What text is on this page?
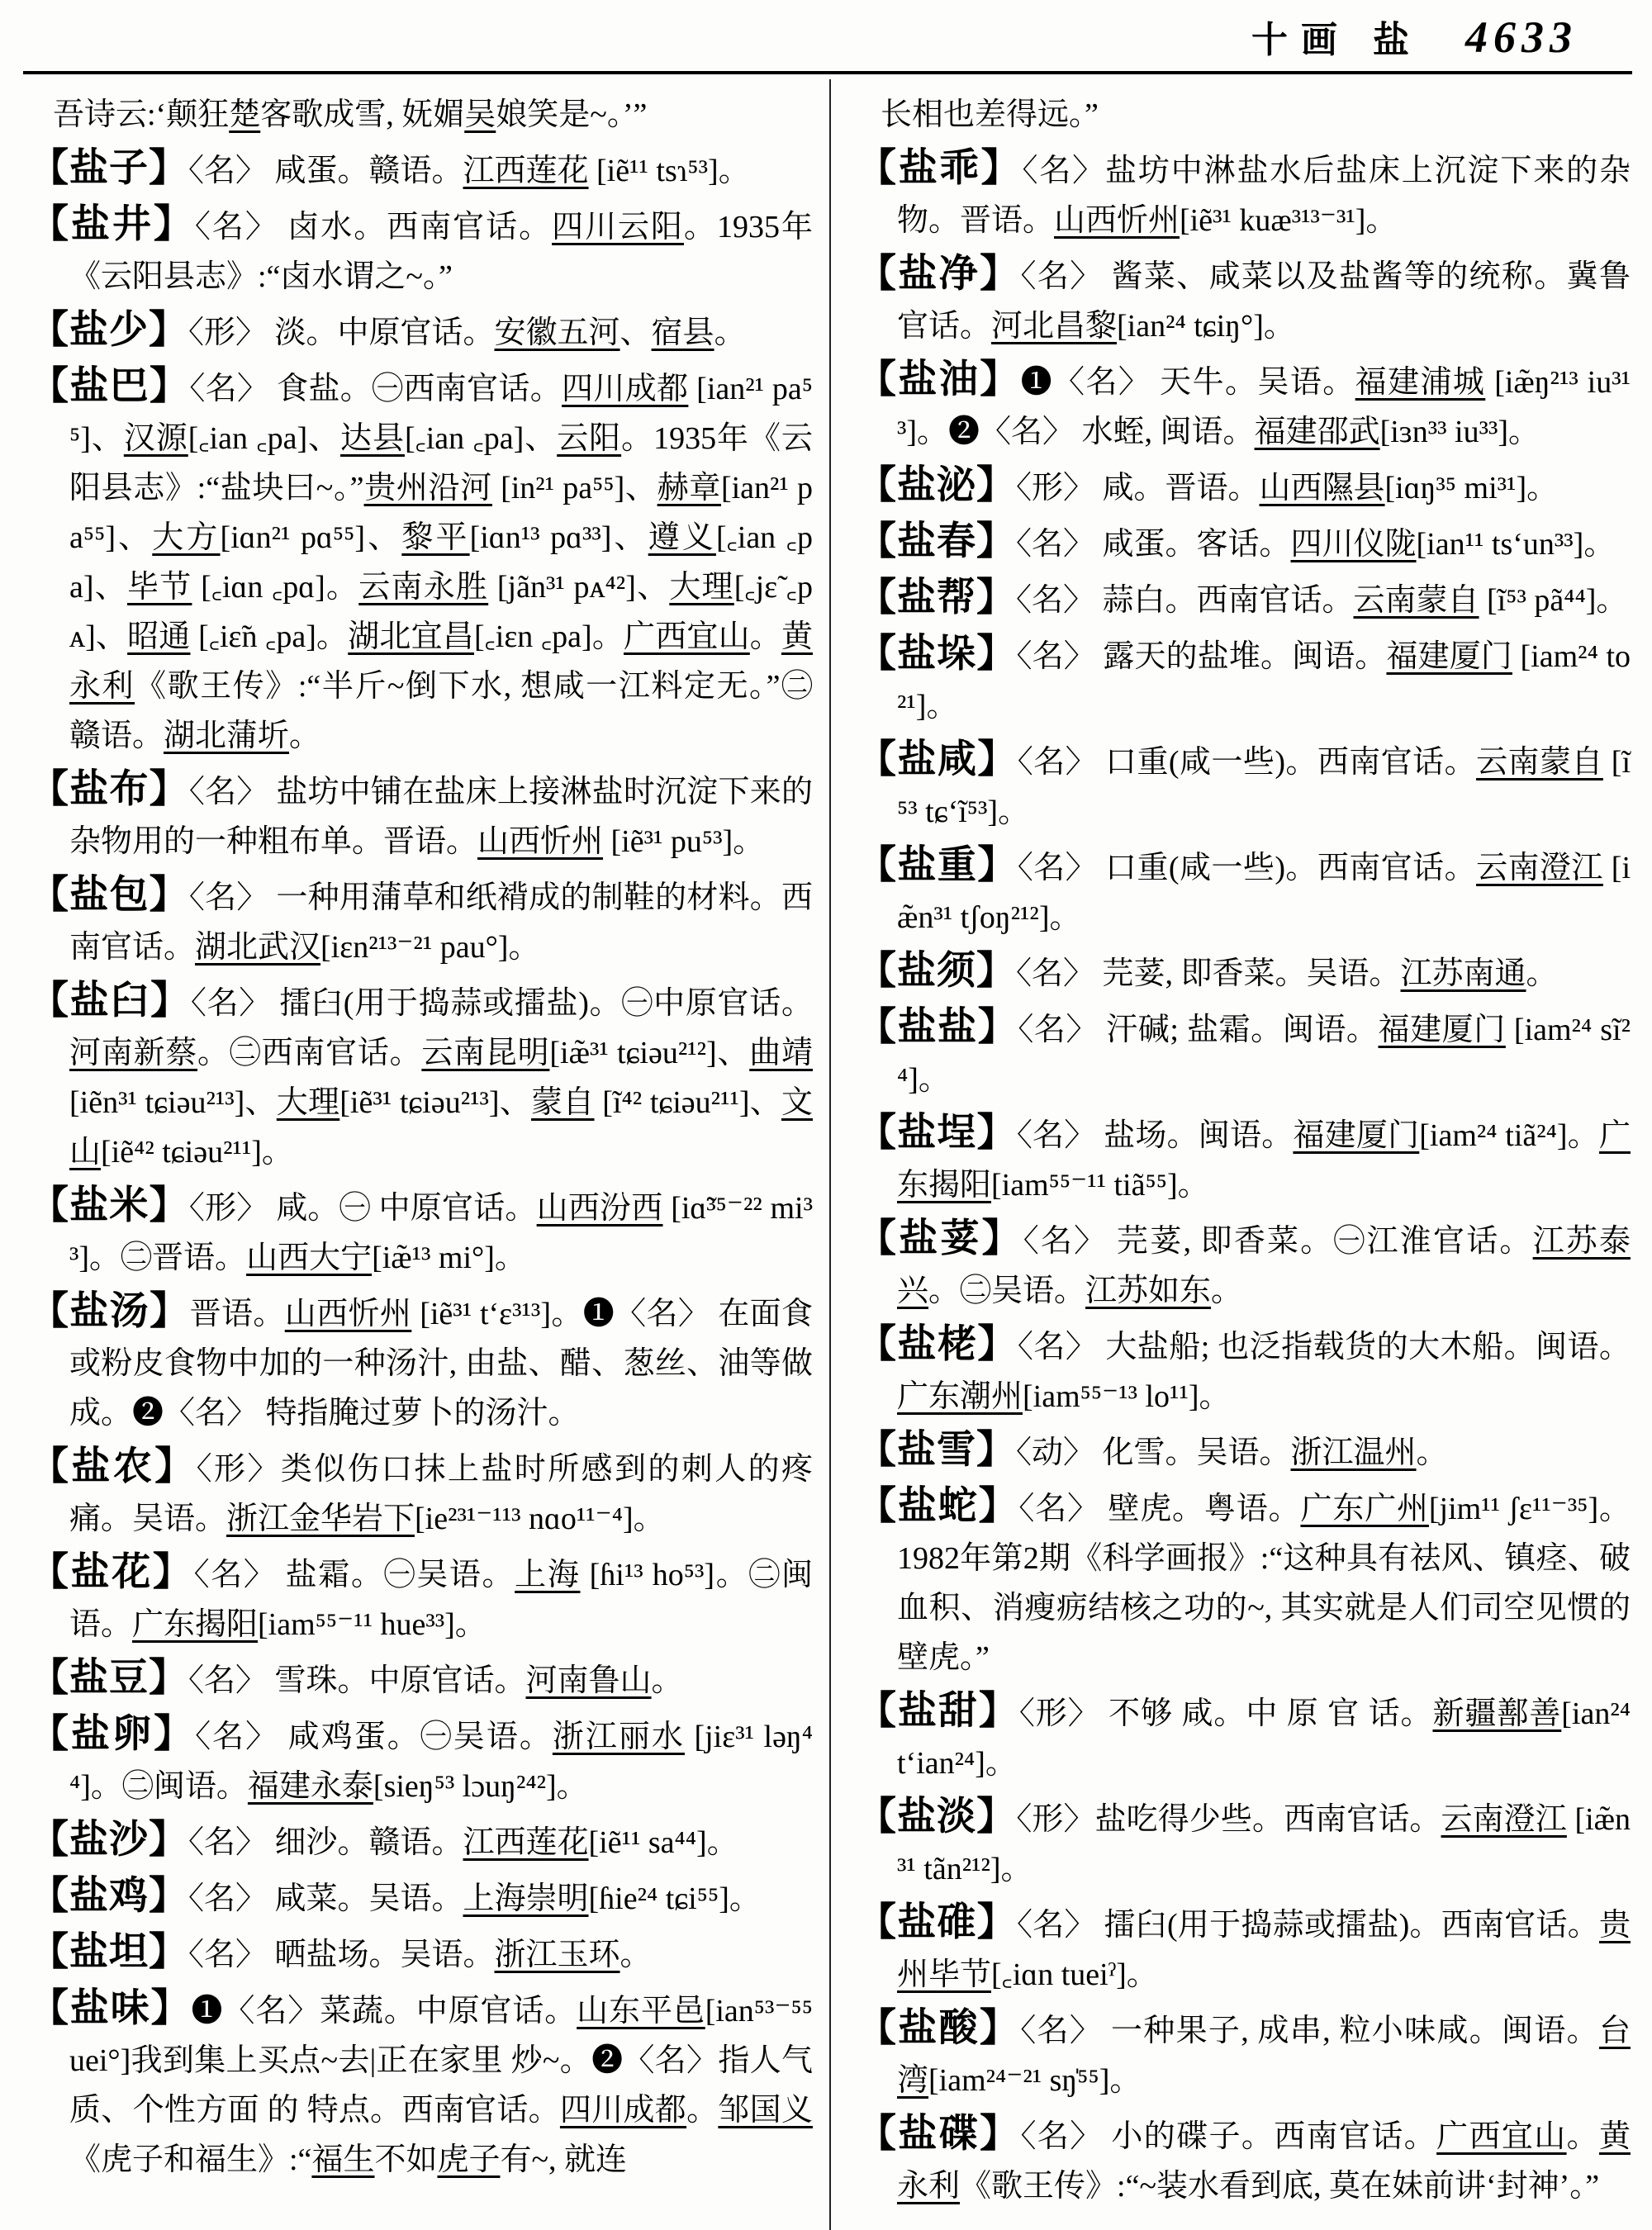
十画 盐 4633
吾诗云:‘颠狂楚客歌成雪, 妩媚吴娘笑是~。’”
【盐子】〈名〉 咸蛋。赣语。江西莲花 [iẽ¹¹ tsɿ⁵³]。
【盐井】〈名〉 卤水。西南官话。四川云阳。1935年《云阳县志》:“卤水谓之~。”
【盐少】〈形〉 淡。中原官话。安徽五河、宿县。
【盐巴】〈名〉 食盐。㊀西南官话。四川成都 [ian²¹ pa⁵⁵]、汉源[꜀ian ꜀pa]、达县[꜀ian ꜀pa]、云阳。1935年《云阳县志》:“盐块曰~。”贵州沿河 [in²¹ pa⁵⁵]、赫章[ian²¹ pa⁵⁵]、大方[iɑn²¹ pɑ⁵⁵]、黎平[iɑn¹³ pɑ³³]、遵义[꜀ian ꜀pa]、毕节 [꜀iɑn ꜀pɑ]。云南永胜 [jãn³¹ pᴀ⁴²]、大理[꜀jɛ̃ ꜀pᴀ]、昭通 [꜀iɛ̃n ꜀pa]。湖北宜昌[꜀iɛn ꜀pa]。广西宜山。黄永利《歌王传》:“半斤~倒下水, 想咸一江料定无。”㊁赣语。湖北蒲圻。
【盐布】〈名〉 盐坊中铺在盐床上接淋盐时沉淀下来的杂物用的一种粗布单。晋语。山西忻州 [iẽ³¹ pu⁵³]。
【盐包】〈名〉 一种用蒲草和纸褙成的制鞋的材料。西南官话。湖北武汉[iɛn²¹³⁻²¹ pau°]。
【盐臼】〈名〉 擂臼(用于捣蒜或擂盐)。㊀中原官话。河南新蔡。㊁西南官话。云南昆明[iæ̃³¹ tɕiəu²¹²]、曲靖 [iẽn³¹ tɕiəu²¹³]、大理[iẽ³¹ tɕiəu²¹³]、蒙自 [ĩ⁴² tɕiəu²¹¹]、文山[iẽ⁴² tɕiəu²¹¹]。
【盐米】〈形〉 咸。㊀ 中原官话。山西汾西 [iɑ̃³⁵⁻²² mi³³]。㊁晋语。山西大宁[iæ̃¹³ mi°]。
【盐汤】晋语。山西忻州 [iẽ³¹ t‘ɛ³¹³]。❶〈名〉 在面食或粉皮食物中加的一种汤汁, 由盐、醋、葱丝、油等做成。❷〈名〉 特指腌过萝卜的汤汁。
【盐农】〈形〉类似伤口抹上盐时所感到的刺人的疼痛。吴语。浙江金华岩下[ie²³¹⁻¹¹³ nɑo¹¹⁻⁴]。
【盐花】〈名〉 盐霜。㊀吴语。上海 [ɦi¹³ ho⁵³]。㊁闽语。广东揭阳[iam⁵⁵⁻¹¹ hue³³]。
【盐豆】〈名〉 雪珠。中原官话。河南鲁山。
【盐卵】〈名〉 咸鸡蛋。㊀吴语。浙江丽水 [jiɛ³¹ ləŋ⁴⁴]。㊁闽语。福建永泰[sieŋ⁵³ lɔuŋ²⁴²]。
【盐沙】〈名〉 细沙。赣语。江西莲花[iẽ¹¹ sa⁴⁴]。
【盐鸡】〈名〉 咸菜。吴语。上海崇明[ɦie²⁴ tɕi⁵⁵]。
【盐坦】〈名〉 晒盐场。吴语。浙江玉环。
【盐味】❶〈名〉菜蔬。中原官话。山东平邑[ian⁵³⁻⁵⁵ uei°]我到集上买点~去|正在家里 炒~。❷〈名〉指人气质、个性方面 的 特点。西南官话。四川成都。邹国义《虎子和福生》:“福生不如虎子有~, 就连
长相也差得远。”
【盐乖】〈名〉盐坊中淋盐水后盐床上沉淀下来的杂物。晋语。山西忻州[iẽ³¹ kuæ³¹³⁻³¹]。
【盐净】〈名〉 酱菜、咸菜以及盐酱等的统称。冀鲁官话。河北昌黎[ian²⁴ tɕiŋ°]。
【盐油】❶〈名〉 天牛。吴语。福建浦城 [iæ̃ŋ²¹³ iu³¹³]。❷〈名〉 水蛭, 闽语。福建邵武[iɜn³³ iu³³]。
【盐泌】〈形〉 咸。晋语。山西隰县[iɑŋ³⁵ mi³¹]。
【盐春】〈名〉 咸蛋。客话。四川仪陇[ian¹¹ ts‘un³³]。
【盐帮】〈名〉 蒜白。西南官话。云南蒙自 [ĩ⁵³ pã⁴⁴]。
【盐垛】〈名〉 露天的盐堆。闽语。福建厦门 [iam²⁴ to²¹]。
【盐咸】〈名〉 口重(咸一些)。西南官话。云南蒙自 [ĩ⁵³ tɕ‘ĩ⁵³]。
【盐重】〈名〉 口重(咸一些)。西南官话。云南澄江 [iæ̃n³¹ tʃoŋ²¹²]。
【盐须】〈名〉 芫荽, 即香菜。吴语。江苏南通。
【盐盐】〈名〉 汗碱; 盐霜。闽语。福建厦门 [iam²⁴ sĩ²⁴]。
【盐埕】〈名〉 盐场。闽语。福建厦门[iam²⁴ tiã²⁴]。广东揭阳[iam⁵⁵⁻¹¹ tiã⁵⁵]。
【盐荽】〈名〉 芫荽, 即香菜。㊀江淮官话。江苏泰兴。㊁吴语。江苏如东。
【盐栳】〈名〉 大盐船; 也泛指载货的大木船。闽语。广东潮州[iam⁵⁵⁻¹³ lo¹¹]。
【盐雪】〈动〉 化雪。吴语。浙江温州。
【盐蛇】〈名〉 壁虎。粤语。广东广州[jim¹¹ ʃɛ¹¹⁻³⁵]。1982年第2期《科学画报》:“这种具有祛风、镇痉、破血积、消瘦疬结核之功的~, 其实就是人们司空见惯的壁虎。”
【盐甜】〈形〉 不够 咸。中 原 官 话。新疆鄯善[ian²⁴ t‘ian²⁴]。
【盐淡】〈形〉盐吃得少些。西南官话。云南澄江 [iæ̃n³¹ tãn²¹²]。
【盐碓】〈名〉 擂臼(用于捣蒜或擂盐)。西南官话。贵州毕节[꜀iɑn tueiˀ]。
【盐酸】〈名〉 一种果子, 成串, 粒小味咸。闽语。台湾[iam²⁴⁻²¹ sŋ̍⁵⁵]。
【盐碟】〈名〉 小的碟子。西南官话。广西宜山。黄永利《歌王传》:“~装水看到底, 莫在妹前讲‘封神’。”
